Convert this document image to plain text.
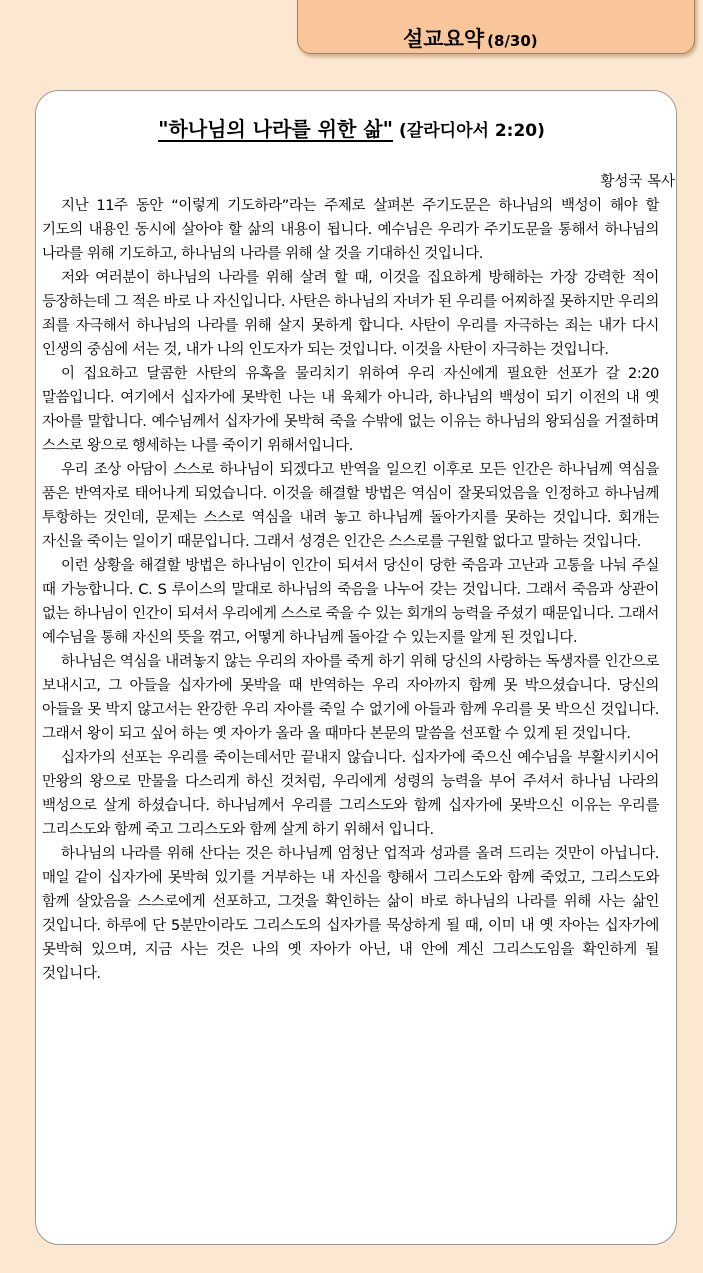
설교요약 (8/30)
"하나님의 나라를 위한 삶" (갈라디아서 2:20)

황성국 목사

지난 11주 동안 “이렇게 기도하라”라는 주제로 살펴본 주기도문은 하나님의 백성이 해야 할 기도의 내용인 동시에 살아야 할 삶의 내용이 됩니다. 예수님은 우리가 주기도문을 통해서 하나님의 나라를 위해 기도하고, 하나님의 나라를 위해 살 것을 기대하신 것입니다.

저와 여러분이 하나님의 나라를 위해 살려 할 때, 이것을 집요하게 방해하는 가장 강력한 적이 등장하는데 그 적은 바로 나 자신입니다. 사탄은 하나님의 자녀가 된 우리를 어찌하질 못하지만 우리의 죄를 자극해서 하나님의 나라를 위해 살지 못하게 합니다. 사탄이 우리를 자극하는 죄는 내가 다시 인생의 중심에 서는 것, 내가 나의 인도자가 되는 것입니다. 이것을 사탄이 자극하는 것입니다.

이 집요하고 달콤한 사탄의 유혹을 물리치기 위하여 우리 자신에게 필요한 선포가 갈 2:20 말씀입니다. 여기에서 십자가에 못박힌 나는 내 육체가 아니라, 하나님의 백성이 되기 이전의 내 옛 자아를 말합니다. 예수님께서 십자가에 못박혀 죽을 수밖에 없는 이유는 하나님의 왕되심을 거절하며 스스로 왕으로 행세하는 나를 죽이기 위해서입니다.

우리 조상 아담이 스스로 하나님이 되겠다고 반역을 일으킨 이후로 모든 인간은 하나님께 역심을 품은 반역자로 태어나게 되었습니다. 이것을 해결할 방법은 역심이 잘못되었음을 인정하고 하나님께 투항하는 것인데, 문제는 스스로 역심을 내려 놓고 하나님께 돌아가지를 못하는 것입니다. 회개는 자신을 죽이는 일이기 때문입니다. 그래서 성경은 인간은 스스로를 구원할 없다고 말하는 것입니다.

이런 상황을 해결할 방법은 하나님이 인간이 되셔서 당신이 당한 죽음과 고난과 고통을 나눠 주실 때 가능합니다. C. S 루이스의 말대로 하나님의 죽음을 나누어 갖는 것입니다. 그래서 죽음과 상관이 없는 하나님이 인간이 되셔서 우리에게 스스로 죽을 수 있는 회개의 능력을 주셨기 때문입니다. 그래서 예수님을 통해 자신의 뜻을 꺾고, 어떻게 하나님께 돌아갈 수 있는지를 알게 된 것입니다.

하나님은 역심을 내려놓지 않는 우리의 자아를 죽게 하기 위해 당신의 사랑하는 독생자를 인간으로 보내시고, 그 아들을 십자가에 못박을 때 반역하는 우리 자아까지 함께 못 박으셨습니다. 당신의 아들을 못 박지 않고서는 완강한 우리 자아를 죽일 수 없기에 아들과 함께 우리를 못 박으신 것입니다. 그래서 왕이 되고 싶어 하는 옛 자아가 올라 올 때마다 본문의 말씀을 선포할 수 있게 된 것입니다.

십자가의 선포는 우리를 죽이는데서만 끝내지 않습니다. 십자가에 죽으신 예수님을 부활시키시어 만왕의 왕으로 만물을 다스리게 하신 것처럼, 우리에게 성령의 능력을 부어 주셔서 하나님 나라의 백성으로 살게 하셨습니다. 하나님께서 우리를 그리스도와 함께 십자가에 못박으신 이유는 우리를 그리스도와 함께 죽고 그리스도와 함께 살게 하기 위해서 입니다.

하나님의 나라를 위해 산다는 것은 하나님께 엄청난 업적과 성과를 올려 드리는 것만이 아닙니다. 매일 같이 십자가에 못박혀 있기를 거부하는 내 자신을 향해서 그리스도와 함께 죽었고, 그리스도와 함께 살았음을 스스로에게 선포하고, 그것을 확인하는 삶이 바로 하나님의 나라를 위해 사는 삶인 것입니다. 하루에 단 5분만이라도 그리스도의 십자가를 묵상하게 될 때, 이미 내 옛 자아는 십자가에 못박혀 있으며, 지금 사는 것은 나의 옛 자아가 아닌, 내 안에 계신 그리스도임을 확인하게 될 것입니다.
